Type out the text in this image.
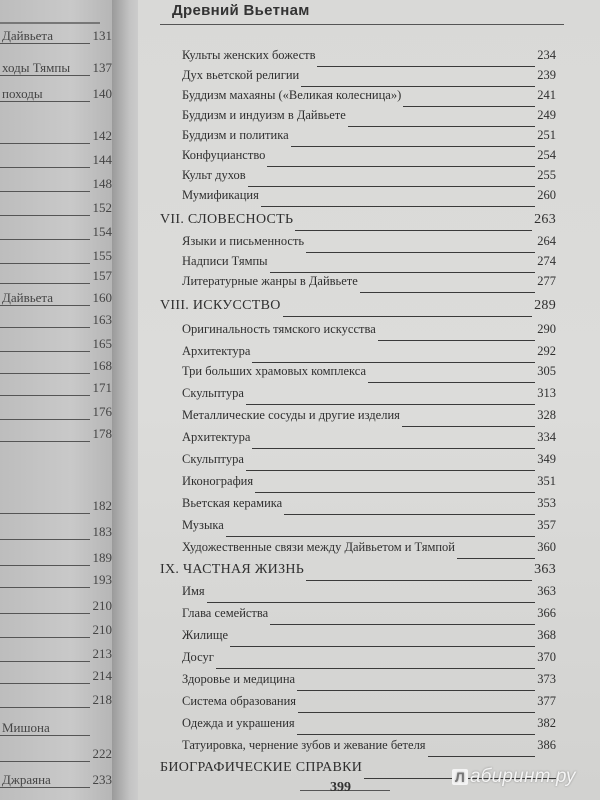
Дайвьета	131
ходы Тямпы 137
походы	140
142
144
148
152
154
155
157
Дайвьета	160
163
165
168
171
176
178
182
183
189
193
210
210
213
214
218
Мишона
222
Джраяна	233
Древний Вьетнам
Культы женских божеств	234
Дух вьетской религии	239
Буддизм махаяны («Великая колесница»)	241
Буддизм и индуизм в Дайвьете	249
Буддизм и политика	251
Конфуцианство	254
Культ духов	255
Мумификация	260
VII. СЛОВЕСНОСТЬ	263
Языки и письменность	264
Надписи Тямпы	274
Литературные жанры в Дайвьете	277
VIII. ИСКУССТВО	289
Оригинальность тямского искусства	290
Архитектура	292
Три больших храмовых комплекса	305
Скульптура	313
Металлические сосуды и другие изделия	328
Архитектура	334
Скульптура	349
Иконография	351
Вьетская керамика	353
Музыка	357
Художественные связи между Дайвьетом и Тямпой	360
IX. ЧАСТНАЯ ЖИЗНЬ	363
Имя	363
Глава семейства	366
Жилище	368
Досуг	370
Здоровье и медицина	373
Система образования	377
Одежда и украшения	382
Татуировка, чернение зубов и жевание бетеля	386
БИОГРАФИЧЕСКИЕ СПРАВКИ
399
Л абиринт.ру
